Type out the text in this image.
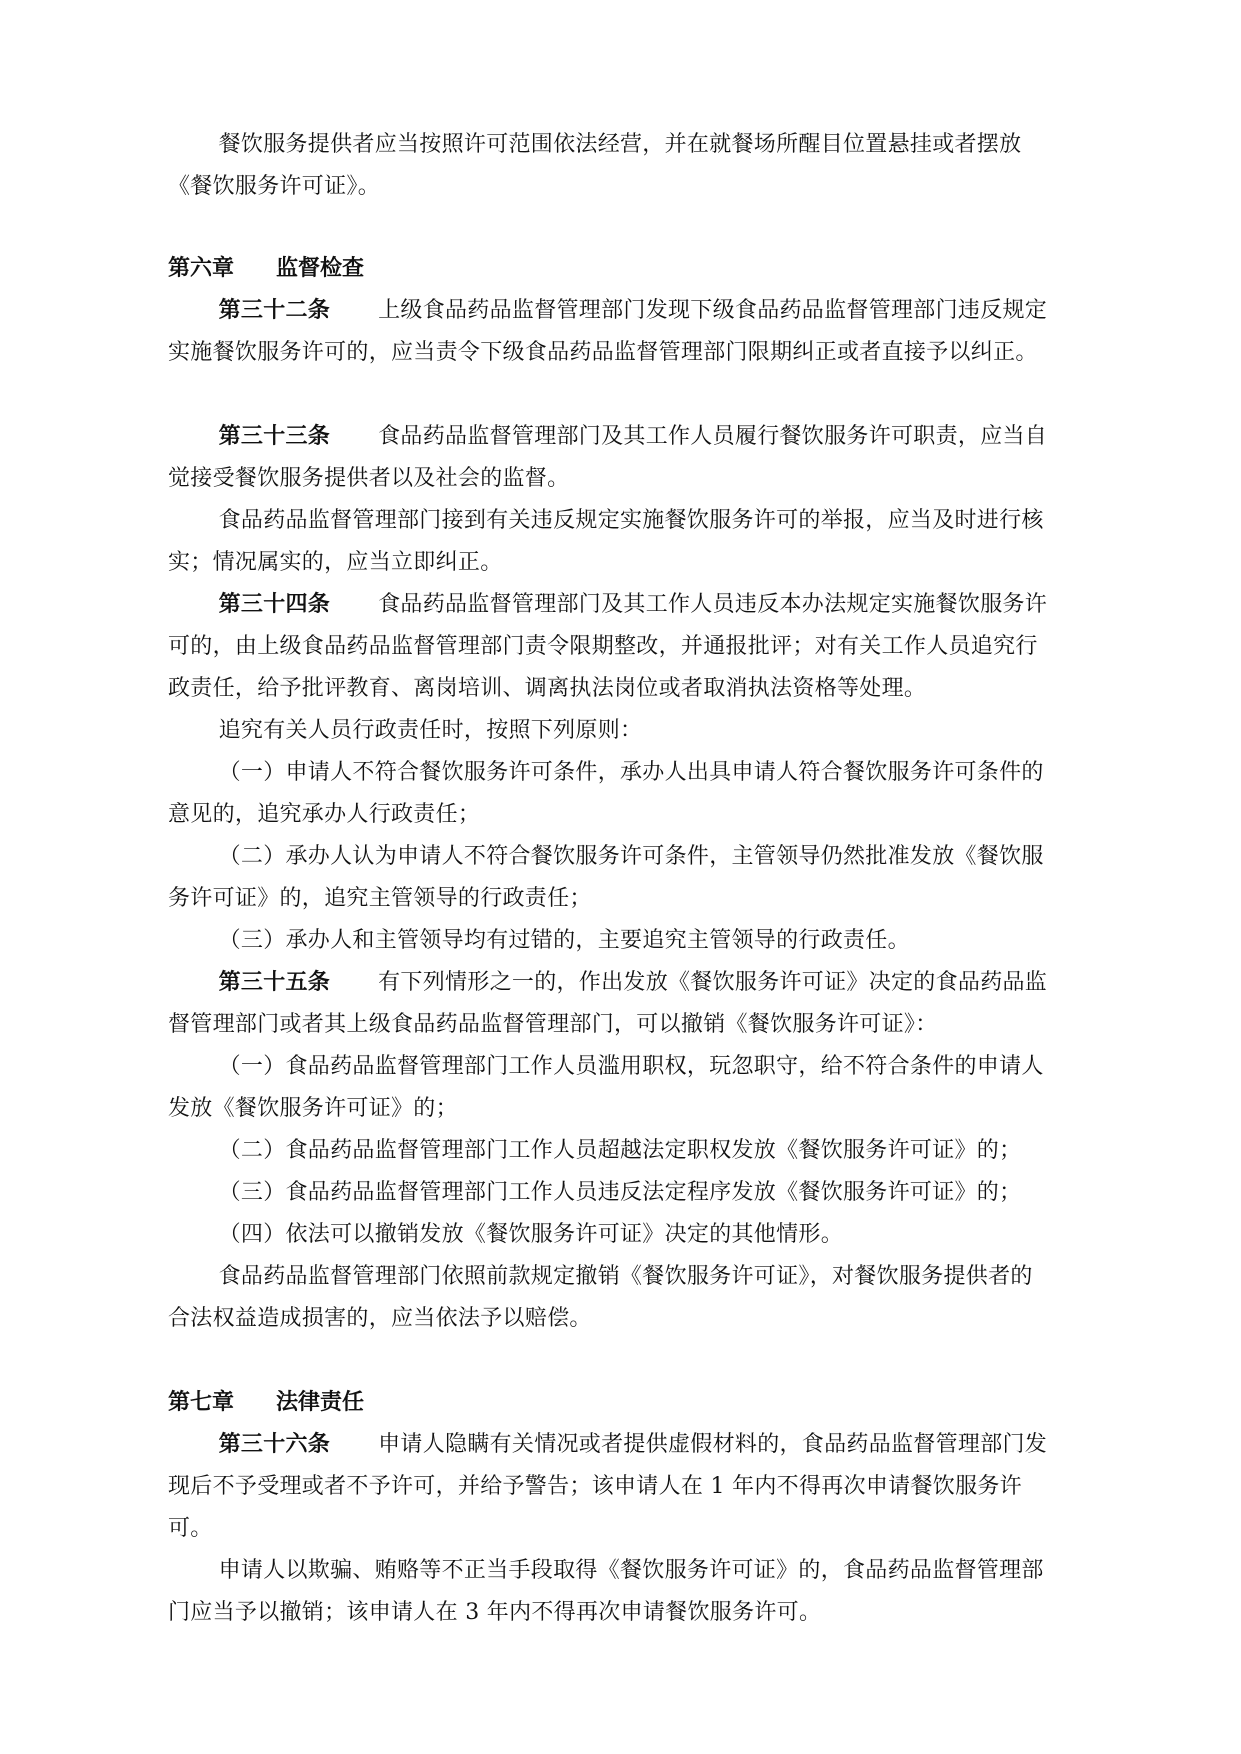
餐饮服务提供者应当按照许可范围依法经营，并在就餐场所醒目位置悬挂或者摆放《餐饮服务许可证》。

第六章 监督检查

第三十二条 上级食品药品监督管理部门发现下级食品药品监督管理部门违反规定实施餐饮服务许可的，应当责令下级食品药品监督管理部门限期纠正或者直接予以纠正。

第三十三条 食品药品监督管理部门及其工作人员履行餐饮服务许可职责，应当自觉接受餐饮服务提供者以及社会的监督。

食品药品监督管理部门接到有关违反规定实施餐饮服务许可的举报，应当及时进行核实；情况属实的，应当立即纠正。

第三十四条 食品药品监督管理部门及其工作人员违反本办法规定实施餐饮服务许可的，由上级食品药品监督管理部门责令限期整改，并通报批评；对有关工作人员追究行政责任，给予批评教育、离岗培训、调离执法岗位或者取消执法资格等处理。

追究有关人员行政责任时，按照下列原则：

（一）申请人不符合餐饮服务许可条件，承办人出具申请人符合餐饮服务许可条件的意见的，追究承办人行政责任；

（二）承办人认为申请人不符合餐饮服务许可条件，主管领导仍然批准发放《餐饮服务许可证》的，追究主管领导的行政责任；

（三）承办人和主管领导均有过错的，主要追究主管领导的行政责任。

第三十五条 有下列情形之一的，作出发放《餐饮服务许可证》决定的食品药品监督管理部门或者其上级食品药品监督管理部门，可以撤销《餐饮服务许可证》：

（一）食品药品监督管理部门工作人员滥用职权，玩忽职守，给不符合条件的申请人发放《餐饮服务许可证》的；

（二）食品药品监督管理部门工作人员超越法定职权发放《餐饮服务许可证》的；

（三）食品药品监督管理部门工作人员违反法定程序发放《餐饮服务许可证》的；

（四）依法可以撤销发放《餐饮服务许可证》决定的其他情形。

食品药品监督管理部门依照前款规定撤销《餐饮服务许可证》，对餐饮服务提供者的合法权益造成损害的，应当依法予以赔偿。

第七章 法律责任

第三十六条 申请人隐瞒有关情况或者提供虚假材料的，食品药品监督管理部门发现后不予受理或者不予许可，并给予警告；该申请人在 1 年内不得再次申请餐饮服务许可。

申请人以欺骗、贿赂等不正当手段取得《餐饮服务许可证》的，食品药品监督管理部门应当予以撤销；该申请人在 3 年内不得再次申请餐饮服务许可。
